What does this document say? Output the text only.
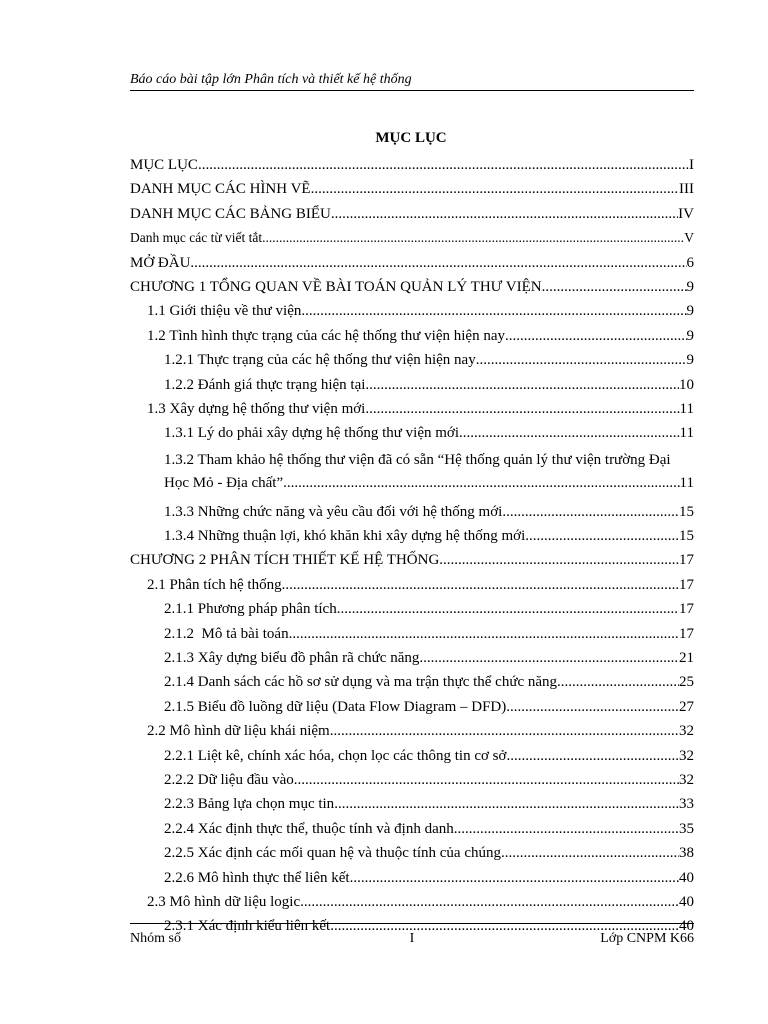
Báo cáo bài tập lớn Phân tích và thiết kế hệ thống
MỤC LỤC
MỤC LỤC .....	I
DANH MỤC CÁC HÌNH VẼ .....	III
DANH MỤC CÁC BẢNG BIỂU .....	IV
Danh mục các từ viết tắt .....	V
MỞ ĐẦU .....	6
CHƯƠNG 1 TỔNG QUAN VỀ BÀI TOÁN QUẢN LÝ THƯ VIỆN .....	9
1.1 Giới thiệu về thư viện .....	9
1.2 Tình hình thực trạng của các hệ thống thư viện hiện nay .....	9
1.2.1 Thực trạng của các hệ thống thư viện hiện nay .....	9
1.2.2 Đánh giá thực trạng hiện tại .....	10
1.3 Xây dựng hệ thống thư viện mới .....	11
1.3.1 Lý do phải xây dựng hệ thống thư viện mới .....	11
1.3.2 Tham khảo hệ thống thư viện đã có sẵn “Hệ thống quản lý thư viện trường Đại
Học Mỏ - Địa chất” .....	11
1.3.3 Những chức năng và yêu cầu đối với hệ thống mới .....	15
1.3.4 Những thuận lợi, khó khăn khi xây dựng hệ thống mới .....	15
CHƯƠNG 2 PHÂN TÍCH THIẾT KẾ HỆ THỐNG .....	17
2.1 Phân tích hệ thống .....	17
2.1.1 Phương pháp phân tích .....	17
2.1.2  Mô tả bài toán .....	17
2.1.3 Xây dựng biểu đồ phân rã chức năng .....	21
2.1.4 Danh sách các hồ sơ sử dụng và ma trận thực thể chức năng .....	25
2.1.5 Biểu đồ luồng dữ liệu (Data Flow Diagram – DFD) .....	27
2.2 Mô hình dữ liệu khái niệm .....	32
2.2.1 Liệt kê, chính xác hóa, chọn lọc các thông tin cơ sở .....	32
2.2.2 Dữ liệu đầu vào .....	32
2.2.3 Bảng lựa chọn mục tin .....	33
2.2.4 Xác định thực thể, thuộc tính và định danh .....	35
2.2.5 Xác định các mối quan hệ và thuộc tính của chúng .....	38
2.2.6 Mô hình thực thể liên kết .....	40
2.3 Mô hình dữ liệu logic .....	40
2.3.1 Xác định kiểu liên kết .....	40
Nhóm số	I	Lớp CNPM K66
